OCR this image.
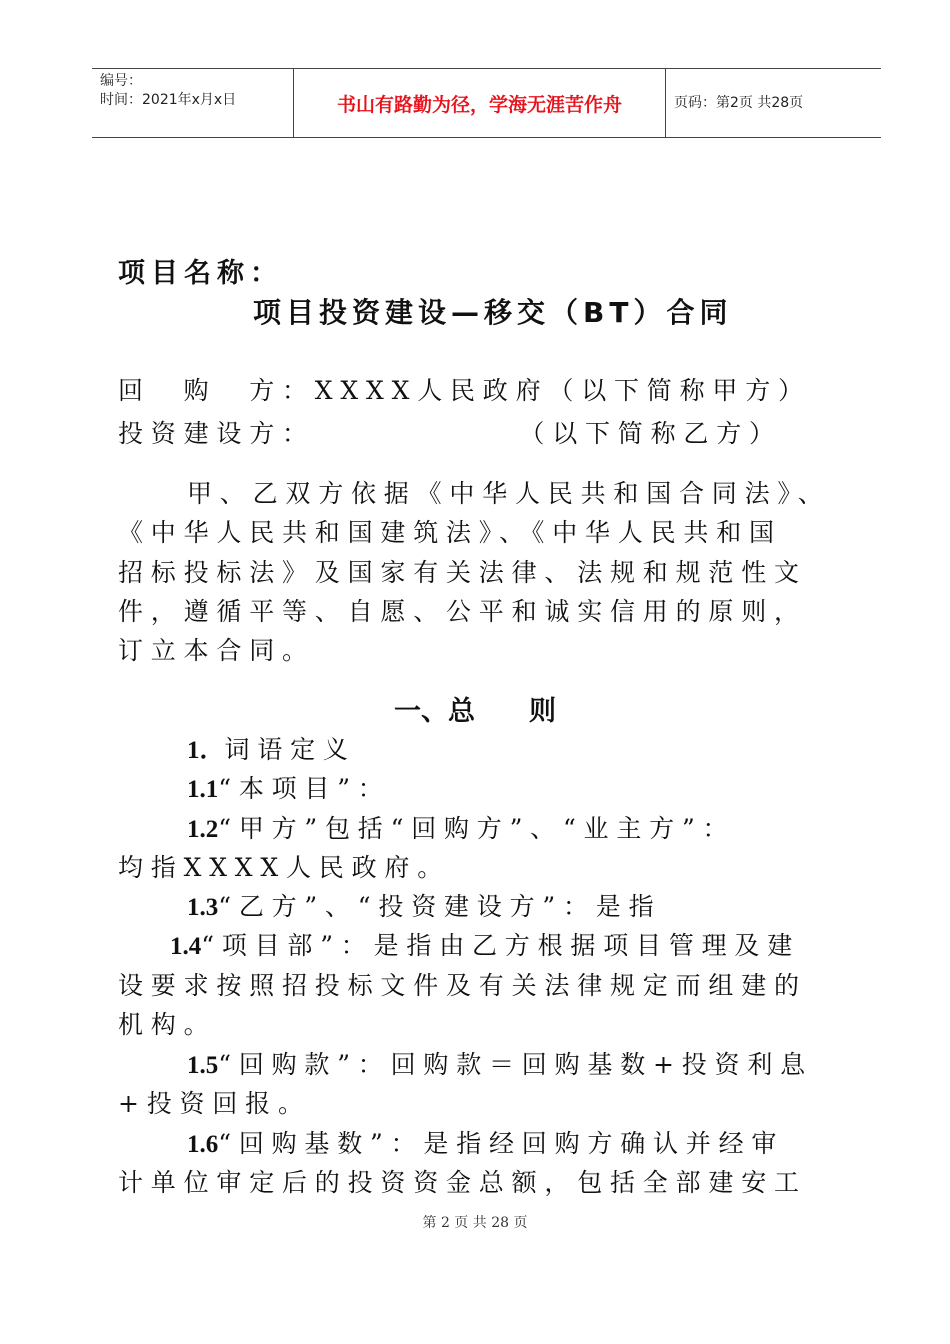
编号：
时间：2021年x月x日	书山有路勤为径，学海无涯苦作舟	页码：第2页 共28页
项目名称：
项目投资建设—移交（BT）合同
回　购　方：XXXX人民政府（以下简称甲方）
投资建设方：　　　　　　　（以下简称乙方）
甲、乙双方依据《中华人民共和国合同法》、
《中华人民共和国建筑法》、《中华人民共和国
招标投标法》及国家有关法律、法规和规范性文
件，遵循平等、自愿、公平和诚实信用的原则，
订立本合同。
一、总　　则
1．词语定义
1.1“本项目”：
1.2“甲方”包括“回购方”、“业主方”：
均指XXXX人民政府。
1.3“乙方”、“投资建设方”：是指
1.4“项目部”：是指由乙方根据项目管理及建
设要求按照招投标文件及有关法律规定而组建的
机构。
1.5“回购款”：回购款＝回购基数+投资利息
+投资回报。
1.6“回购基数”：是指经回购方确认并经审
计单位审定后的投资资金总额，包括全部建安工
第 2 页 共 28 页
